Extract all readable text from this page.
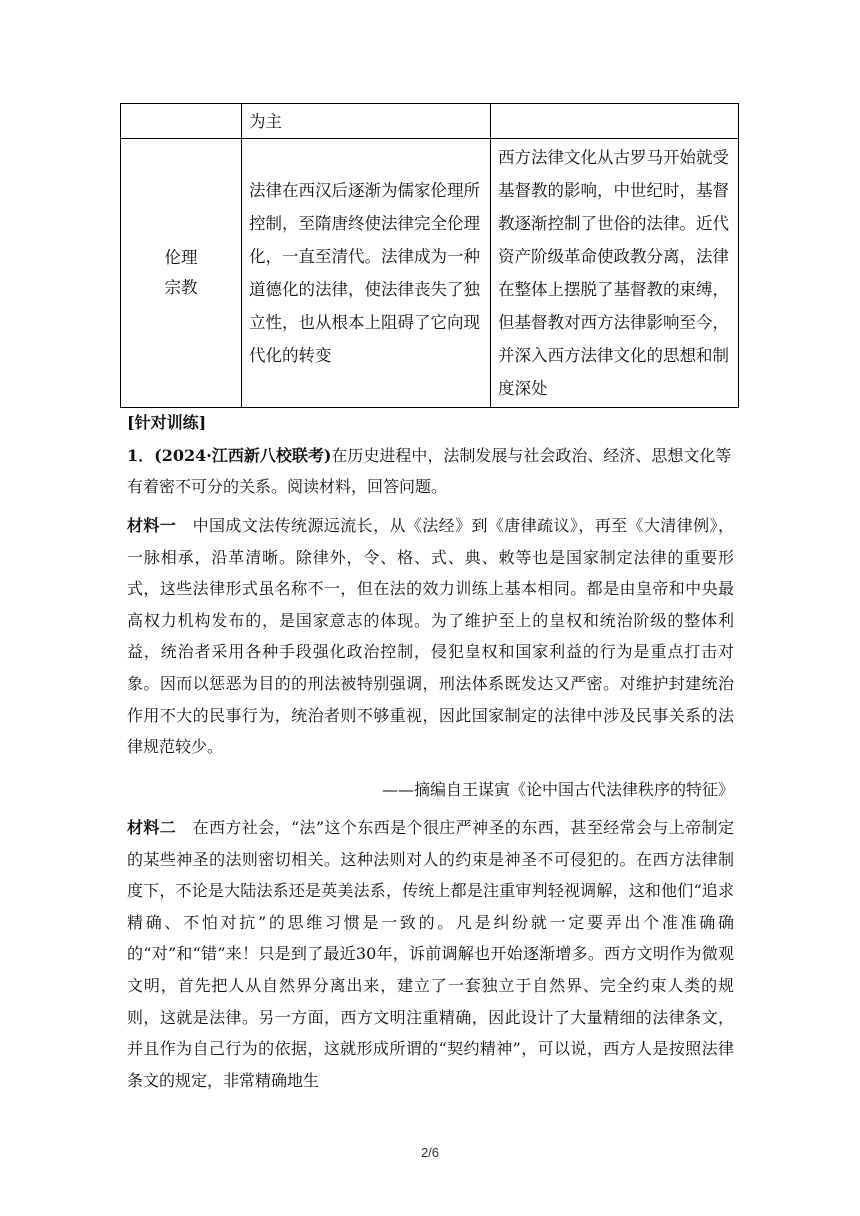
	为主	

伦理
宗教	法律在西汉后逐渐为儒家伦理所控制，至隋唐终使法律完全伦理化，一直至清代。法律成为一种道德化的法律，使法律丧失了独立性，也从根本上阻碍了它向现代化的转变	西方法律文化从古罗马开始就受基督教的影响，中世纪时，基督教逐渐控制了世俗的法律。近代资产阶级革命使政教分离，法律在整体上摆脱了基督教的束缚，但基督教对西方法律影响至今，并深入西方法律文化的思想和制度深处
[针对训练]
1．(2024·江西新八校联考)在历史进程中，法制发展与社会政治、经济、思想文化等有着密不可分的关系。阅读材料，回答问题。
材料一　 中国成文法传统源远流长，从《法经》到《唐律疏议》，再至《大清律例》，一脉相承，沿革清晰。除律外，令、格、式、典、敕等也是国家制定法律的重要形式，这些法律形式虽名称不一，但在法的效力训练上基本相同。都是由皇帝和中央最高权力机构发布的，是国家意志的体现。为了维护至上的皇权和统治阶级的整体利益，统治者采用各种手段强化政治控制，侵犯皇权和国家利益的行为是重点打击对象。因而以惩恶为目的的刑法被特别强调，刑法体系既发达又严密。对维护封建统治作用不大的民事行为，统治者则不够重视，因此国家制定的法律中涉及民事关系的法律规范较少。
——摘编自王谋寅《论中国古代法律秩序的特征》
材料二　 在西方社会，“法”这个东西是个很庄严神圣的东西，甚至经常会与上帝制定的某些神圣的法则密切相关。这种法则对人的约束是神圣不可侵犯的。在西方法律制度下，不论是大陆法系还是英美法系，传统上都是注重审判轻视调解，这和他们“追求精确、不怕对抗”的思维习惯是一致的。凡是纠纷就一定要弄出个准准确确的“对”和“错”来！只是到了最近30年，诉前调解也开始逐渐增多。西方文明作为微观文明，首先把人从自然界分离出来，建立了一套独立于自然界、完全约束人类的规则，这就是法律。另一方面，西方文明注重精确，因此设计了大量精细的法律条文，并且作为自己行为的依据，这就形成所谓的“契约精神”，可以说，西方人是按照法律条文的规定，非常精确地生
2/6
